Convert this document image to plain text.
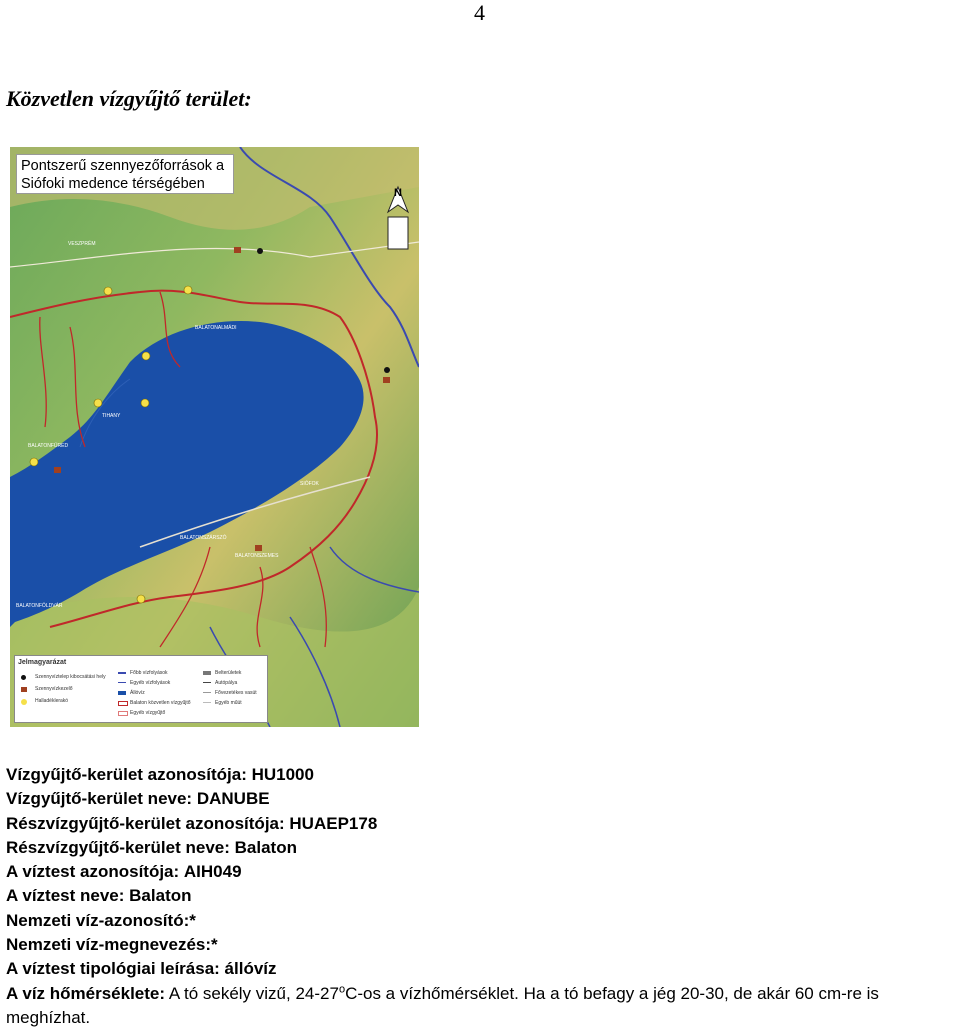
4
Közvetlen vízgyűjtő terület:
VESZPRÉM
BALATONALMÁDI
SIÓFOK
BALATONFÜRED
TIHANY
BALATONSZÁRSZÓ
BALATONSZEMES
BALATONFÖLDVÁR
N
Pontszerű szennyezőforrások a
Siófoki medence térségében
Jelmagyarázat
Szennyvíztelep kibocsátási hely
Szennyvízkezelő
Halladéklerakó
Főbb vízfolyások
Egyéb vízfolyások
Állóvíz
Balaton közvetlen vízgyűjtő
Egyéb vízgyűjtő
Belterületek
Autópálya
Fővezetékes vasút
Egyéb műút
Vízgyűjtő-kerület azonosítója: HU1000
Vízgyűjtő-kerület neve: DANUBE
Részvízgyűjtő-kerület azonosítója: HUAEP178
Részvízgyűjtő-kerület neve: Balaton
A víztest azonosítója: AIH049
A víztest neve: Balaton
Nemzeti víz-azonosító:*
Nemzeti víz-megnevezés:*
A víztest tipológiai leírása: állóvíz
A víz hőmérséklete: A tó sekély vizű, 24-27$^o$C-os a vízhőmérséklet. Ha a tó befagy a jég 20-30, de akár 60 cm-re is meghízhat.
